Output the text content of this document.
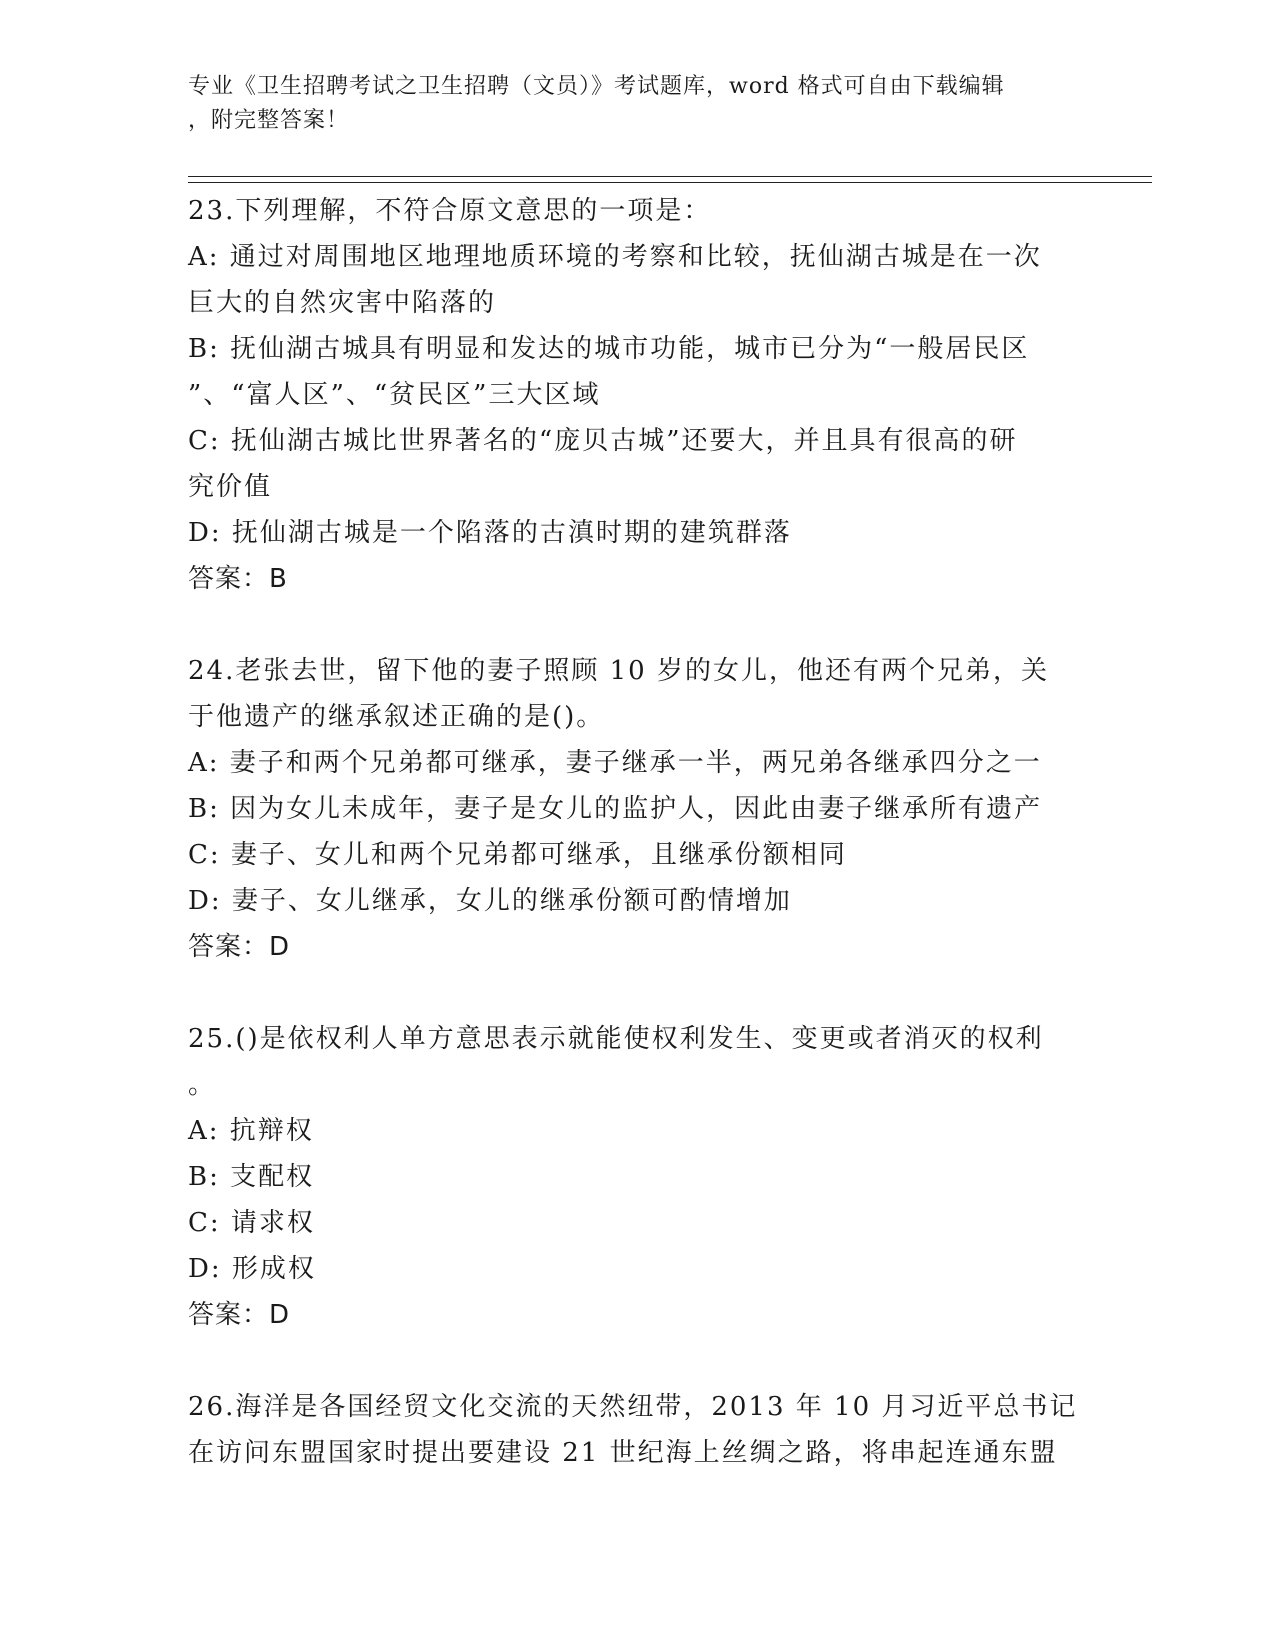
专业《卫生招聘考试之卫生招聘（文员）》考试题库，word 格式可自由下载编辑
，附完整答案！
23.下列理解，不符合原文意思的一项是：
A: 通过对周围地区地理地质环境的考察和比较，抚仙湖古城是在一次
巨大的自然灾害中陷落的
B: 抚仙湖古城具有明显和发达的城市功能，城市已分为“一般居民区
”、“富人区”、“贫民区”三大区域
C: 抚仙湖古城比世界著名的“庞贝古城”还要大，并且具有很高的研
究价值
D: 抚仙湖古城是一个陷落的古滇时期的建筑群落
答案：B
24.老张去世，留下他的妻子照顾 10 岁的女儿，他还有两个兄弟，关
于他遗产的继承叙述正确的是()。
A: 妻子和两个兄弟都可继承，妻子继承一半，两兄弟各继承四分之一
B: 因为女儿未成年，妻子是女儿的监护人，因此由妻子继承所有遗产
C: 妻子、女儿和两个兄弟都可继承，且继承份额相同
D: 妻子、女儿继承，女儿的继承份额可酌情增加
答案：D
25.()是依权利人单方意思表示就能使权利发生、变更或者消灭的权利
。
A: 抗辩权
B: 支配权
C: 请求权
D: 形成权
答案：D
26.海洋是各国经贸文化交流的天然纽带，2013 年 10 月习近平总书记
在访问东盟国家时提出要建设 21 世纪海上丝绸之路，将串起连通东盟
